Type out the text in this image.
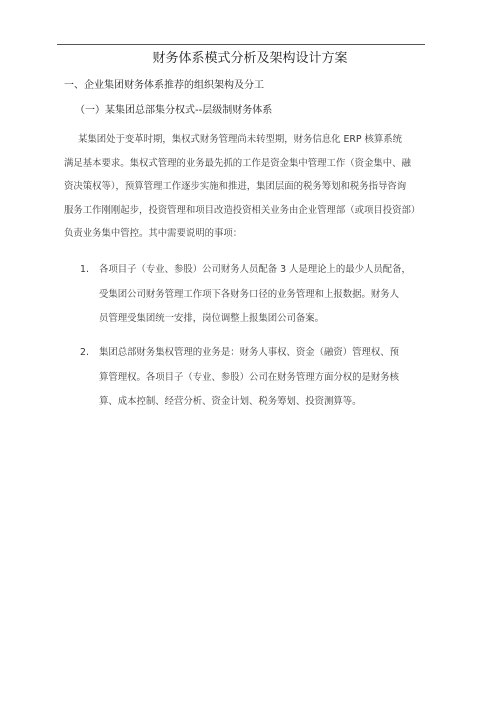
财务体系模式分析及架构设计方案
一、企业集团财务体系推荐的组织架构及分工
（一）某集团总部集分权式--层级制财务体系
某集团处于变革时期，集权式财务管理尚未转型期，财务信息化 ERP 核算系统
满足基本要求。集权式管理的业务最先抓的工作是资金集中管理工作（资金集中、融
资决策权等），预算管理工作逐步实施和推进，集团层面的税务筹划和税务指导咨询
服务工作刚刚起步，投资管理和项目改造投资相关业务由企业管理部（或项目投资部）
负责业务集中管控。其中需要说明的事项：
1. 各项目子（专业、参股）公司财务人员配备 3 人是理论上的最少人员配备，
受集团公司财务管理工作项下各财务口径的业务管理和上报数据。财务人
员管理受集团统一安排，岗位调整上报集团公司备案。
2. 集团总部财务集权管理的业务是：财务人事权、资金（融资）管理权、预
算管理权。各项目子（专业、参股）公司在财务管理方面分权的是财务核
算、成本控制、经营分析、资金计划、税务筹划、投资测算等。
